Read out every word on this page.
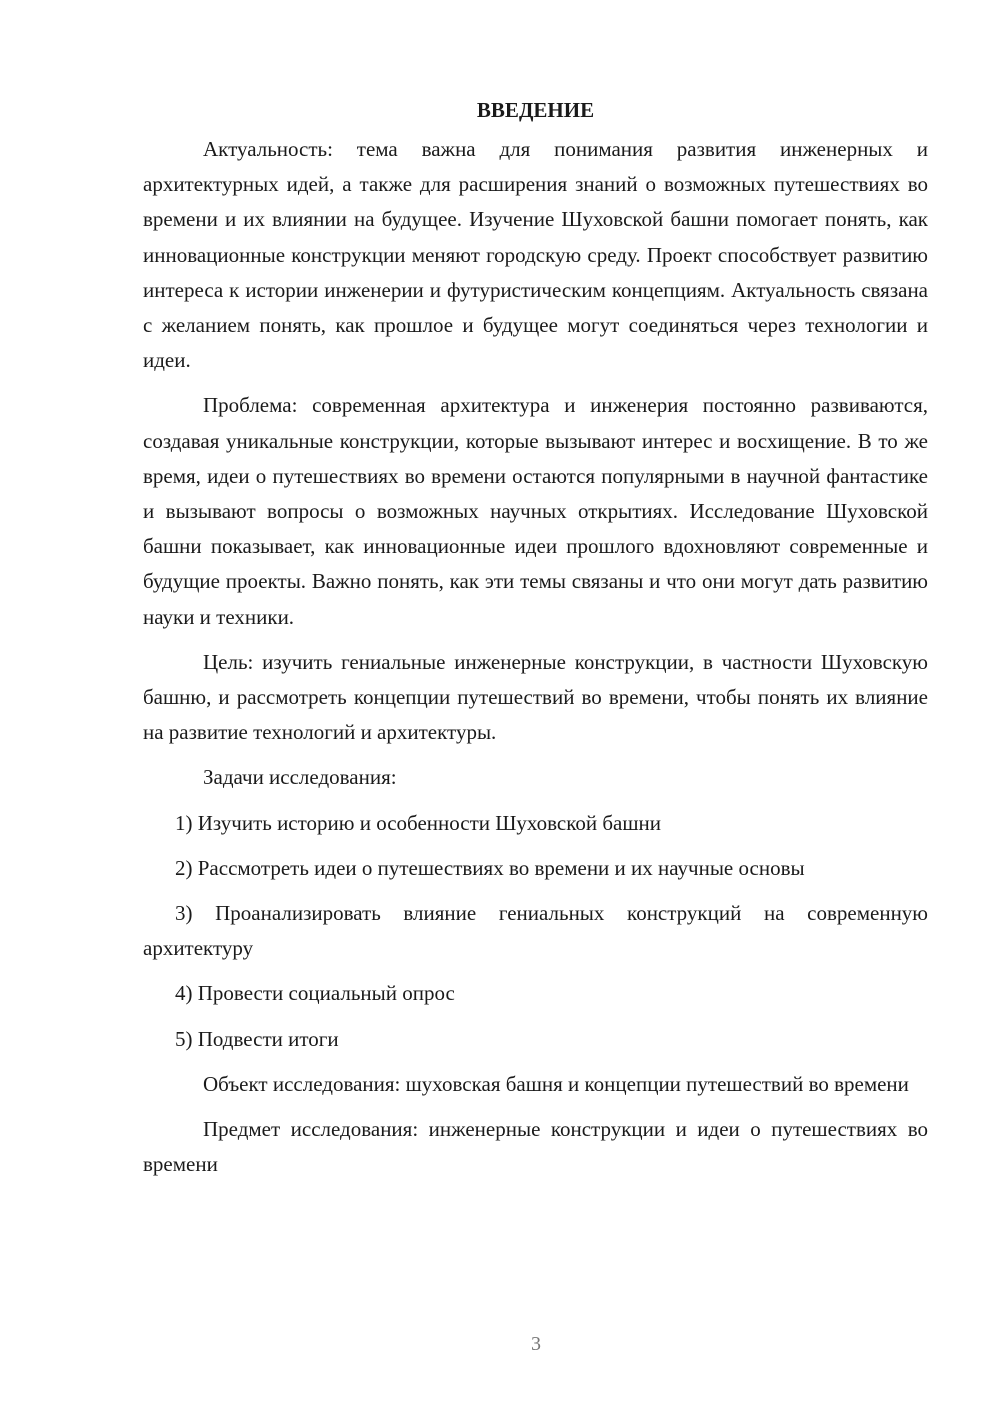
ВВЕДЕНИЕ

Актуальность: тема важна для понимания развития инженерных и архитектурных идей, а также для расширения знаний о возможных путешествиях во времени и их влиянии на будущее. Изучение Шуховской башни помогает понять, как инновационные конструкции меняют городскую среду. Проект способствует развитию интереса к истории инженерии и футуристическим концепциям. Актуальность связана с желанием понять, как прошлое и будущее могут соединяться через технологии и идеи.

Проблема: современная архитектура и инженерия постоянно развиваются, создавая уникальные конструкции, которые вызывают интерес и восхищение. В то же время, идеи о путешествиях во времени остаются популярными в научной фантастике и вызывают вопросы о возможных научных открытиях. Исследование Шуховской башни показывает, как инновационные идеи прошлого вдохновляют современные и будущие проекты. Важно понять, как эти темы связаны и что они могут дать развитию науки и техники.

Цель: изучить гениальные инженерные конструкции, в частности Шуховскую башню, и рассмотреть концепции путешествий во времени, чтобы понять их влияние на развитие технологий и архитектуры.

Задачи исследования:

1) Изучить историю и особенности Шуховской башни

2) Рассмотреть идеи о путешествиях во времени и их научные основы

3) Проанализировать влияние гениальных конструкций на современную архитектуру

4) Провести социальный опрос

5) Подвести итоги

Объект исследования: шуховская башня и концепции путешествий во времени

Предмет исследования: инженерные конструкции и идеи о путешествиях во времени

3
